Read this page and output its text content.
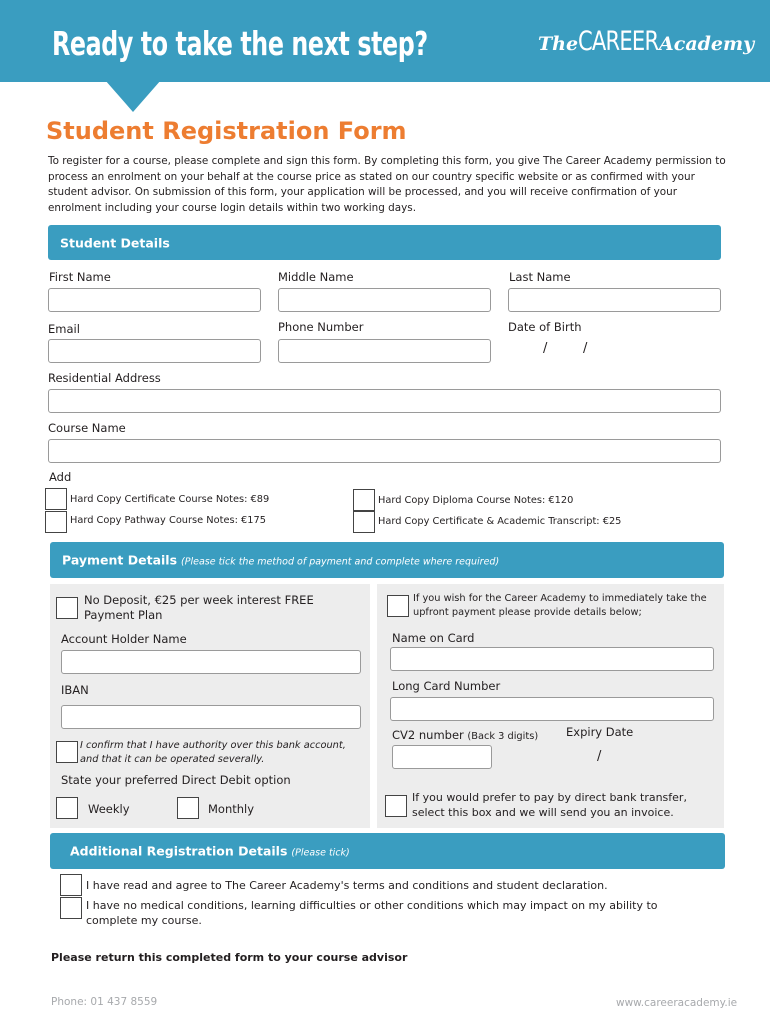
Ready to take the next step?	TheCAREERAcademy
Student Registration Form
To register for a course, please complete and sign this form. By completing this form, you give The Career Academy permission to process an enrolment on your behalf at the course price as stated on our country specific website or as confirmed with your student advisor. On submission of this form, your application will be processed, and you will receive confirmation of your enrolment including your course login details within two working days.
Student Details
First Name	Middle Name	Last Name
Email	Phone Number	Date of Birth
/	/
Residential Address
Course Name
Add
Hard Copy Certificate Course Notes: €89
Hard Copy Pathway Course Notes: €175
Hard Copy Diploma Course Notes: €120
Hard Copy Certificate & Academic Transcript: €25
Payment Details (Please tick the method of payment and complete where required)
No Deposit, €25 per week interest FREE Payment Plan
Account Holder Name
IBAN
I confirm that I have authority over this bank account, and that it can be operated severally.
State your preferred Direct Debit option
Weekly	Monthly
If you wish for the Career Academy to immediately take the upfront payment please provide details below;
Name on Card
Long Card Number
CV2 number (Back 3 digits) Expiry Date
/
If you would prefer to pay by direct bank transfer, select this box and we will send you an invoice.
Additional Registration Details (Please tick)
I have read and agree to The Career Academy's terms and conditions and student declaration.
I have no medical conditions, learning difficulties or other conditions which may impact on my ability to complete my course.
Please return this completed form to your course advisor
Phone: 01 437 8559	www.careeracademy.ie
